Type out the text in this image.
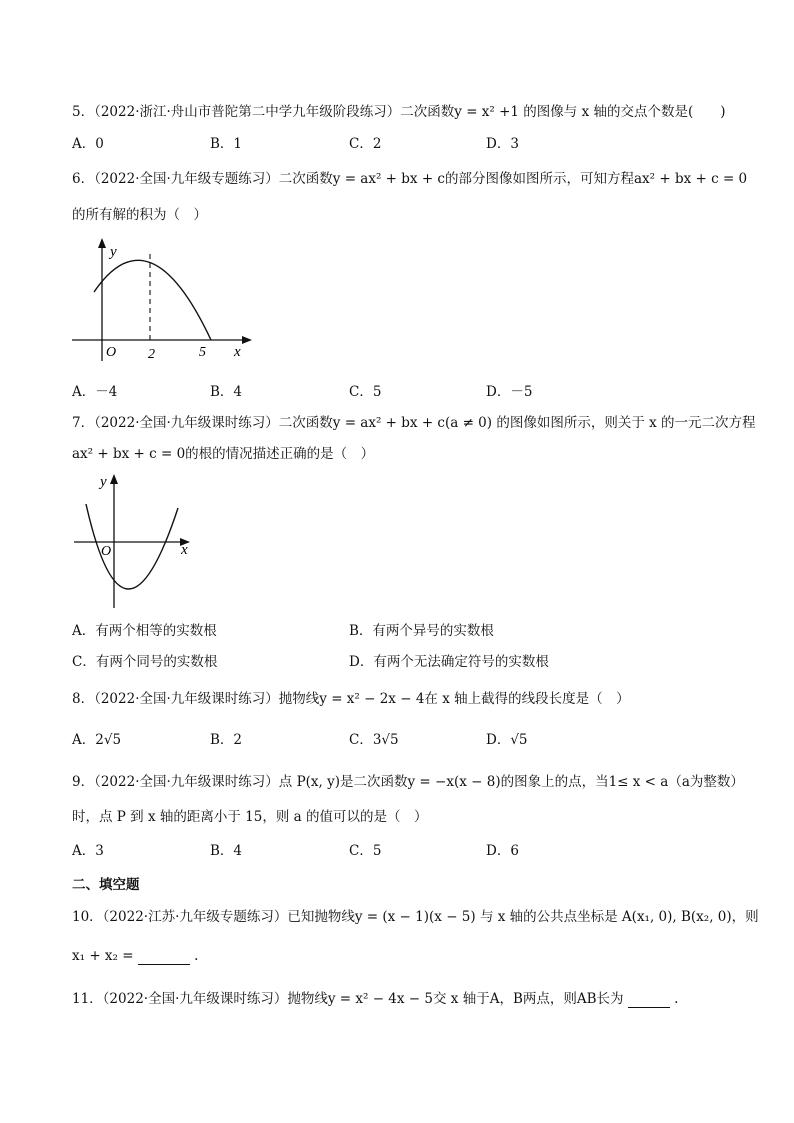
5．（2022·浙江·舟山市普陀第二中学九年级阶段练习）二次函数y = x² +1 的图像与 x 轴的交点个数是(　　)
A．0	B．1	C．2	D．3
6．（2022·全国·九年级专题练习）二次函数y = ax² + bx + c的部分图像如图所示，可知方程ax² + bx + c = 0
的所有解的积为（　）
y
O 2	5 x
A．－4	B．4	C．5	D．－5
7．（2022·全国·九年级课时练习）二次函数y = ax² + bx + c(a ≠ 0) 的图像如图所示，则关于 x 的一元二次方程
ax² + bx + c = 0的根的情况描述正确的是（　）
y
O	x
A．有两个相等的实数根	B．有两个异号的实数根
C．有两个同号的实数根	D．有两个无法确定符号的实数根
8．（2022·全国·九年级课时练习）抛物线y = x² − 2x − 4在 x 轴上截得的线段长度是（　）
A．2√5	B．2	C．3√5	D．√5
9．（2022·全国·九年级课时练习）点 P(x, y)是二次函数y = −x(x − 8)的图象上的点，当1≤ x < a（a为整数）
时，点 P 到 x 轴的距离小于 15，则 a 的值可以的是（　）
A．3	B．4	C．5	D．6
二、填空题
10．（2022·江苏·九年级专题练习）已知抛物线y = (x − 1)(x − 5) 与 x 轴的公共点坐标是 A(x₁, 0), B(x₂, 0)，则
x₁ + x₂ =	.
11．（2022·全国·九年级课时练习）抛物线y = x² − 4x − 5交 x 轴于A，B两点，则AB长为	.
